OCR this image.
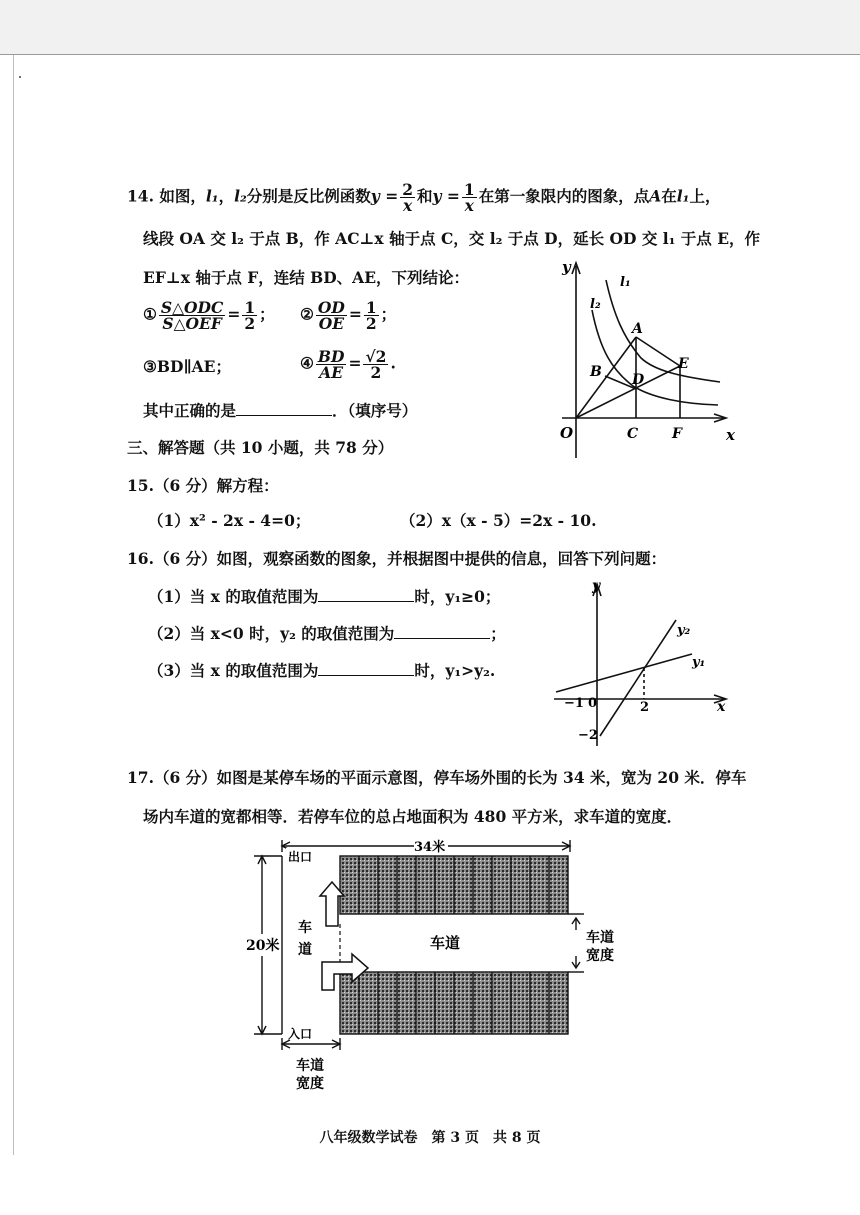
14. 如图，l₁，l₂分别是反比例函数$y = \frac{2}{x}$ 和$y = \frac{1}{x}$ 在第一象限内的图象，点A在l₁上，
线段 OA 交 l₂ 于点 B，作 AC⊥x 轴于点 C，交 l₂ 于点 D，延长 OD 交 l₁ 于点 E，作
EF⊥x 轴于点 F，连结 BD、AE，下列结论：
① $\frac{\text{S△ODC}}{\text{S△OEF}} = \frac{1}{2}$ ； ② $\frac{OD}{OE} = \frac{1}{2}$ ；
③BD∥AE；	④ $\frac{BD}{AE} = \frac{√2}{2}$ .
其中正确的是	．（填序号）
y
x
O
l₁
l₂
A
B D
E
C F
三、解答题（共 10 小题，共 78 分）
15.（6 分）解方程：
（1）x² - 2x - 4=0；	（2）x（x - 5）=2x - 10.
16.（6 分）如图，观察函数的图象，并根据图中提供的信息，回答下列问题：
（1）当 x 的取值范围为	时，y₁≥0；
（2）当 x<0 时，y₂ 的取值范围为	；
（3）当 x 的取值范围为	时，y₁>y₂.
y
x
y₂
y₁
−1 0	2
−2
17.（6 分）如图是某停车场的平面示意图，停车场外围的长为 34 米，宽为 20 米．停车
场内车道的宽都相等．若停车位的总占地面积为 480 平方米，求车道的宽度．
34米
20米
出口
入口
车
道	车道	车道
宽度
车道
宽度
八年级数学试卷　第 3 页　共 8 页
